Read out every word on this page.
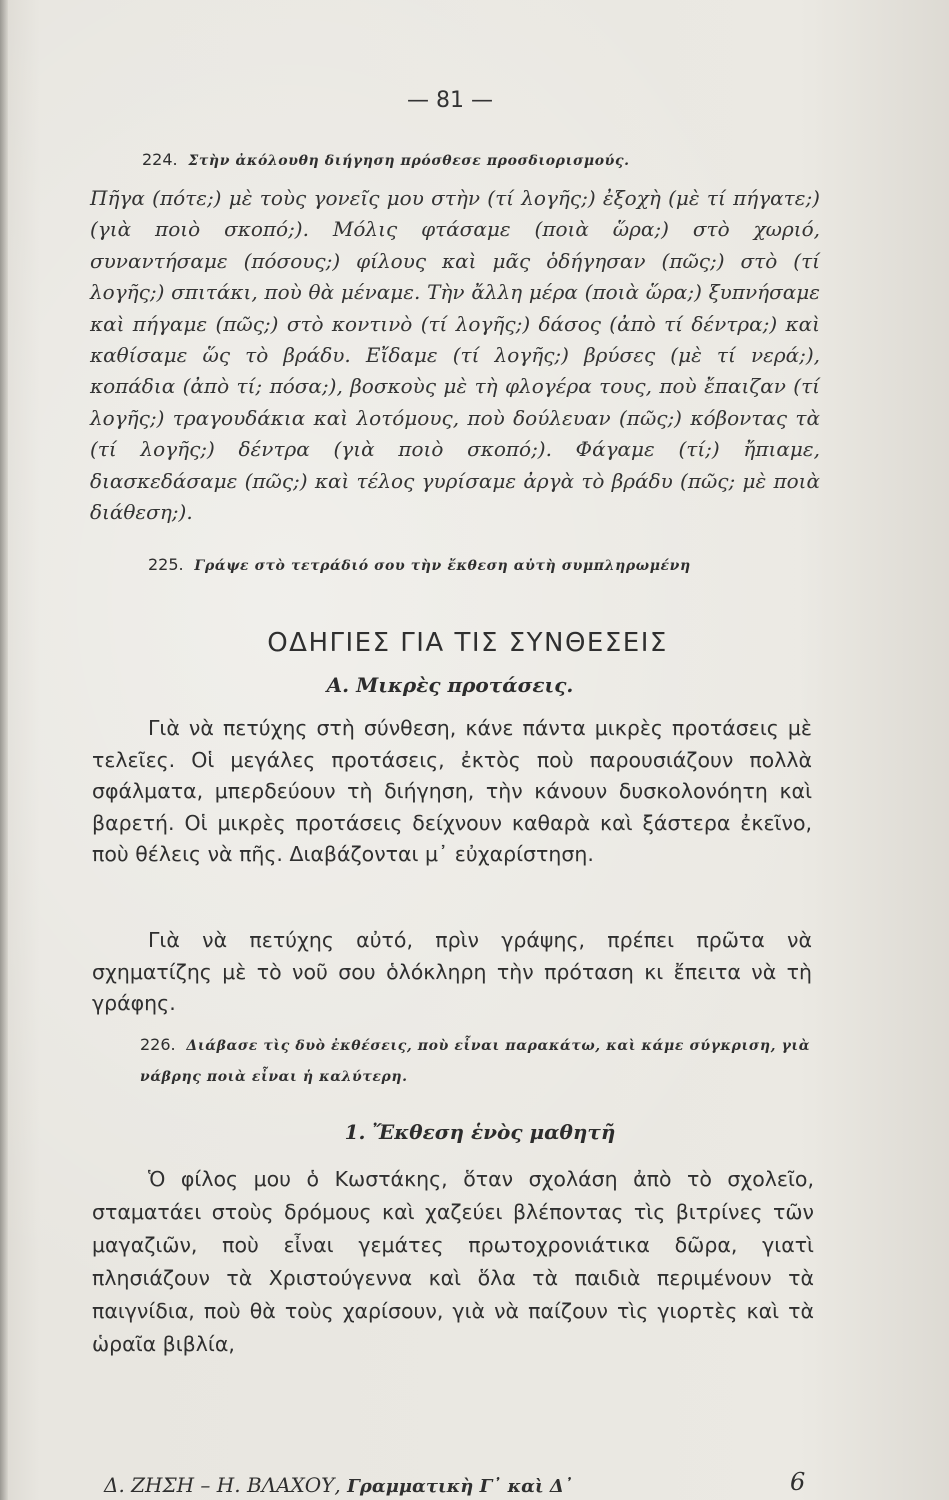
— 81 —
224. Στὴν ἀκόλουθη διήγηση πρόσθεσε προσδιορισμούς.
Πῆγα (πότε;) μὲ τοὺς γονεῖς μου στὴν (τί λογῆς;) ἐξοχὴ (μὲ τί πήγατε;) (γιὰ ποιὸ σκοπό;). Μόλις φτάσαμε (ποιὰ ὥρα;) στὸ χωριό, συναντήσαμε (πόσους;) φίλους καὶ μᾶς ὁδήγησαν (πῶς;) στὸ (τί λογῆς;) σπιτάκι, ποὺ θὰ μέναμε. Τὴν ἄλλη μέρα (ποιὰ ὥρα;) ξυπνήσαμε καὶ πήγαμε (πῶς;) στὸ κοντινὸ (τί λογῆς;) δάσος (ἀπὸ τί δέντρα;) καὶ καθίσαμε ὥς τὸ βράδυ. Εἴδαμε (τί λογῆς;) βρύσες (μὲ τί νερά;), κοπάδια (ἀπὸ τί; πόσα;), βοσκοὺς μὲ τὴ φλογέρα τους, ποὺ ἔπαιζαν (τί λογῆς;) τραγουδάκια καὶ λοτόμους, ποὺ δούλευαν (πῶς;) κόβοντας τὰ (τί λογῆς;) δέντρα (γιὰ ποιὸ σκοπό;). Φάγαμε (τί;) ἤπιαμε, διασκεδάσαμε (πῶς;) καὶ τέλος γυρίσαμε ἀργὰ τὸ βράδυ (πῶς; μὲ ποιὰ διάθεση;).
225. Γράψε στὸ τετράδιό σου τὴν ἔκθεση αὐτὴ συμπληρωμένη
ΟΔΗΓΙΕΣ ΓΙΑ ΤΙΣ ΣΥΝΘΕΣΕΙΣ
Α. Μικρὲς προτάσεις.
Γιὰ νὰ πετύχης στὴ σύνθεση, κάνε πάντα μικρὲς προτάσεις μὲ τελεῖες. Οἱ μεγάλες προτάσεις, ἐκτὸς ποὺ παρουσιάζουν πολλὰ σφάλματα, μπερδεύουν τὴ διήγηση, τὴν κάνουν δυσκολονόητη καὶ βαρετή. Οἱ μικρὲς προτάσεις δείχνουν καθαρὰ καὶ ξάστερα ἐκεῖνο, ποὺ θέλεις νὰ πῆς. Διαβάζονται μ᾿ εὐχαρίστηση.
Γιὰ νὰ πετύχης αὐτό, πρὶν γράψης, πρέπει πρῶτα νὰ σχηματίζης μὲ τὸ νοῦ σου ὁλόκληρη τὴν πρόταση κι ἔπειτα νὰ τὴ γράφης.
226. Διάβασε τὶς δυὸ ἐκθέσεις, ποὺ εἶναι παρακάτω, καὶ κάμε σύγκριση, γιὰ νάβρης ποιὰ εἶναι ἡ καλύτερη.
1. Ἔκθεση ἑνὸς μαθητῆ
Ὁ φίλος μου ὁ Κωστάκης, ὅταν σχολάση ἀπὸ τὸ σχολεῖο, σταματάει στοὺς δρόμους καὶ χαζεύει βλέποντας τὶς βιτρίνες τῶν μαγαζιῶν, ποὺ εἶναι γεμάτες πρωτοχρονιάτικα δῶρα, γιατὶ πλησιάζουν τὰ Χριστούγεννα καὶ ὅλα τὰ παιδιὰ περιμένουν τὰ παιγνίδια, ποὺ θὰ τοὺς χαρίσουν, γιὰ νὰ παίζουν τὶς γιορτὲς καὶ τὰ ὡραῖα βιβλία,
Δ. ΖΗΣΗ – Η. ΒΛΑΧΟΥ, Γραμματικὴ Γ᾿ καὶ Δ᾿	6
